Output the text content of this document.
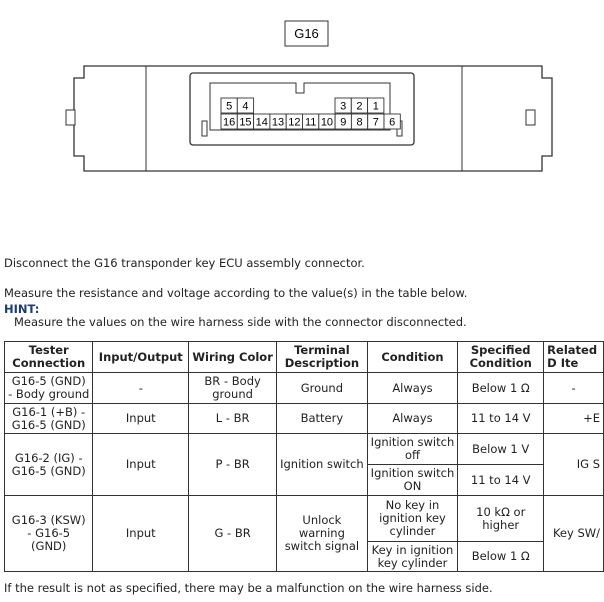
G16
5 4	3 2 1
16 15 14 13 12 11 10 9 8 7 6
Disconnect the G16 transponder key ECU assembly connector.
Measure the resistance and voltage according to the value(s) in the table below.
HINT:
Measure the values on the wire harness side with the connector disconnected.
Tester Connection	Input/Output	Wiring Color	Terminal Description	Condition	Specified Condition	Related D Ite
G16-5 (GND) - Body ground	-	BR - Body ground	Ground	Always	Below 1 Ω	-
G16-1 (+B) - G16-5 (GND)	Input	L - BR	Battery	Always	11 to 14 V	+E
G16-2 (IG) - G16-5 (GND)	Input	P - BR	Ignition switch	Ignition switch off	Below 1 V	IG S
				Ignition switch ON	11 to 14 V	
G16-3 (KSW) - G16-5 (GND)	Input	G - BR	Unlock warning switch signal	No key in ignition key cylinder	10 kΩ or higher	Key SW/
				Key in ignition key cylinder	Below 1 Ω	
If the result is not as specified, there may be a malfunction on the wire harness side.
